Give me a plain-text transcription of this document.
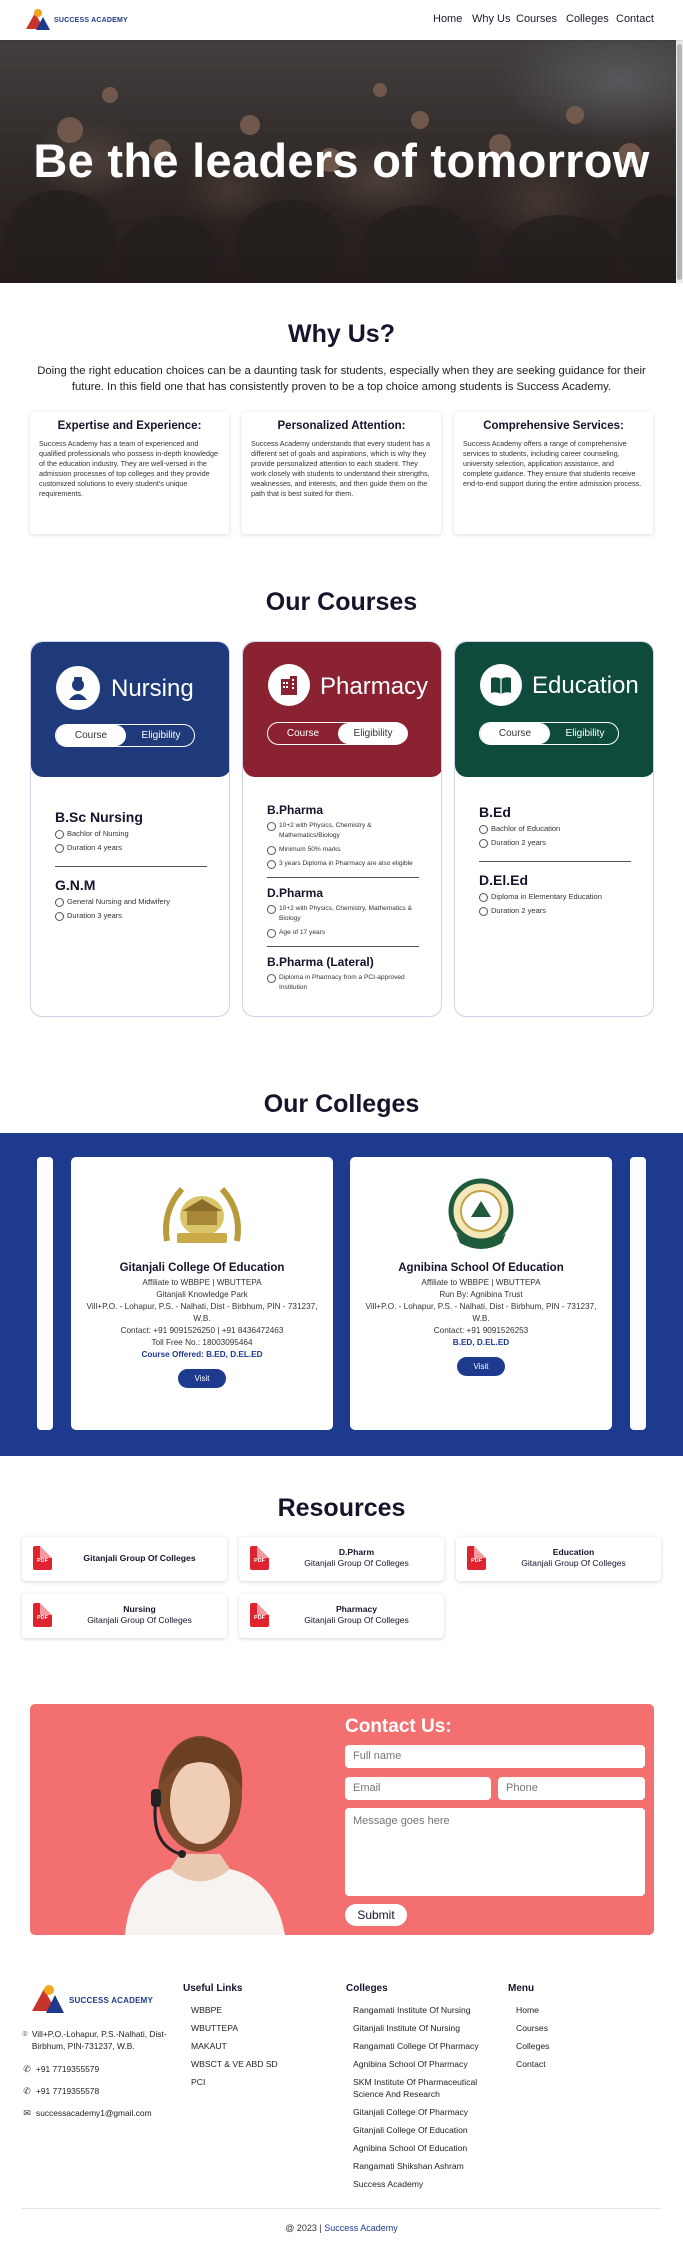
SUCCESS ACADEMY	Home Why Us Courses Colleges Contact
Be the leaders of tomorrow
Why Us?

Doing the right education choices can be a daunting task for students, especially when they are seeking guidance for their future. In this field one that has consistently proven to be a top choice among students is Success Academy.

Expertise and Experience:

Success Academy has a team of experienced and qualified professionals who possess in-depth knowledge of the education industry. They are well-versed in the admission processes of top colleges and they provide customized solutions to every student's unique requirements.

Personalized Attention:

Success Academy understands that every student has a different set of goals and aspirations, which is why they provide personalized attention to each student. They work closely with students to understand their strengths, weaknesses, and interests, and then guide them on the path that is best suited for them.

Comprehensive Services:

Success Academy offers a range of comprehensive services to students, including career counseling, university selection, application assistance, and complete guidance. They ensure that students receive end-to-end support during the entire admission process.

Our Courses
Nursing
Course	Eligibility
B.Sc Nursing
Bachlor of Nursing
Duration 4 years
G.N.M
General Nursing and Midwifery
Duration 3 years
Pharmacy
Course	Eligibility
B.Pharma
10+2 with Physics, Chemistry & Mathematics/Biology
Minimum 50% marks
3 years Diploma in Pharmacy are also eligible
D.Pharma
10+2 with Physics, Chemistry, Mathematics & Biology
Age of 17 years
B.Pharma (Lateral)
Diploma in Pharmacy from a PCI-approved Institution
Education
Course	Eligibility
B.Ed
Bachlor of Education
Duration 2 years
D.El.Ed
Diploma in Elementary Education
Duration 2 years
Our Colleges
Gitanjali College Of Education
Affiliate to WBBPE | WBUTTEPA
Gitanjali Knowledge Park
Vill+P.O. - Lohapur, P.S. - Nalhati, Dist - Birbhum, PIN - 731237, W.B.
Contact: +91 9091526250 | +91 8436472463
Toll Free No.: 18003095464
Course Offered: B.ED, D.EL.ED
Visit
Agnibina School Of Education
Affiliate to WBBPE | WBUTTEPA
Run By: Agnibina Trust
Vill+P.O. - Lohapur, P.S. - Nalhati, Dist - Birbhum, PIN - 731237, W.B.
Contact: +91 9091526253
B.ED, D.EL.ED
Visit
Resources
PDF	Gitanjali Group Of Colleges	PDF
D.Pharm
Gitanjali Group Of Colleges	PDF
Education
Gitanjali Group Of Colleges
PDF
Nursing
Gitanjali Group Of Colleges	PDF
Pharmacy
Gitanjali Group Of Colleges
Contact Us:
Full name
Email
Phone
Message goes here
Submit
SUCCESS ACADEMY
⌾ Vill+P.O.-Lohapur, P.S.-Nalhati, Dist- Birbhum, PIN-731237, W.B.
✆ +91 7719355579
✆ +91 7719355578
✉ successacademy1@gmail.com
Useful Links
WBBPE
WBUTTEPA
MAKAUT
WBSCT & VE ABD SD
PCI
Colleges
Rangamati Institute Of Nursing
Gitanjali Institute Of Nursing
Rangamati College Of Pharmacy
Agnibina School Of Pharmacy
SKM Institute Of Pharmaceutical Science And Research
Gitanjali College Of Pharmacy
Gitanjali College Of Education
Agnibina School Of Education
Rangamati Shikshan Ashram
Success Academy
Menu
Home
Courses
Colleges
Contact
@ 2023 | Success Academy
